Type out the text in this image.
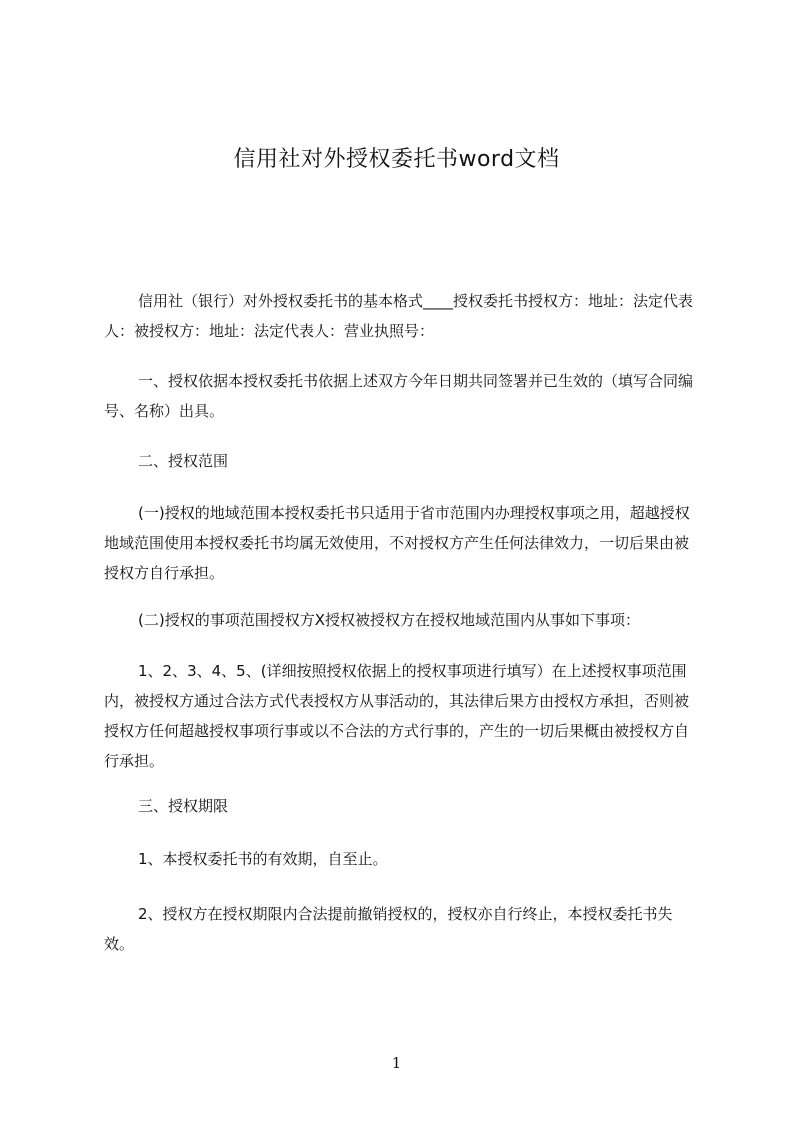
信用社对外授权委托书word文档

信用社（银行）对外授权委托书的基本格式____授权委托书授权方：地址：法定代表人：被授权方：地址：法定代表人：营业执照号：

一、授权依据本授权委托书依据上述双方今年日期共同签署并已生效的（填写合同编号、名称）出具。

二、授权范围

(一)授权的地域范围本授权委托书只适用于省市范围内办理授权事项之用，超越授权地域范围使用本授权委托书均属无效使用，不对授权方产生任何法律效力，一切后果由被授权方自行承担。

(二)授权的事项范围授权方X授权被授权方在授权地域范围内从事如下事项：

1、2、3、4、5、(详细按照授权依据上的授权事项进行填写）在上述授权事项范围内，被授权方通过合法方式代表授权方从事活动的，其法律后果方由授权方承担，否则被授权方任何超越授权事项行事或以不合法的方式行事的，产生的一切后果概由被授权方自行承担。

三、授权期限

1、本授权委托书的有效期，自至止。

2、授权方在授权期限内合法提前撤销授权的，授权亦自行终止，本授权委托书失效。

1
